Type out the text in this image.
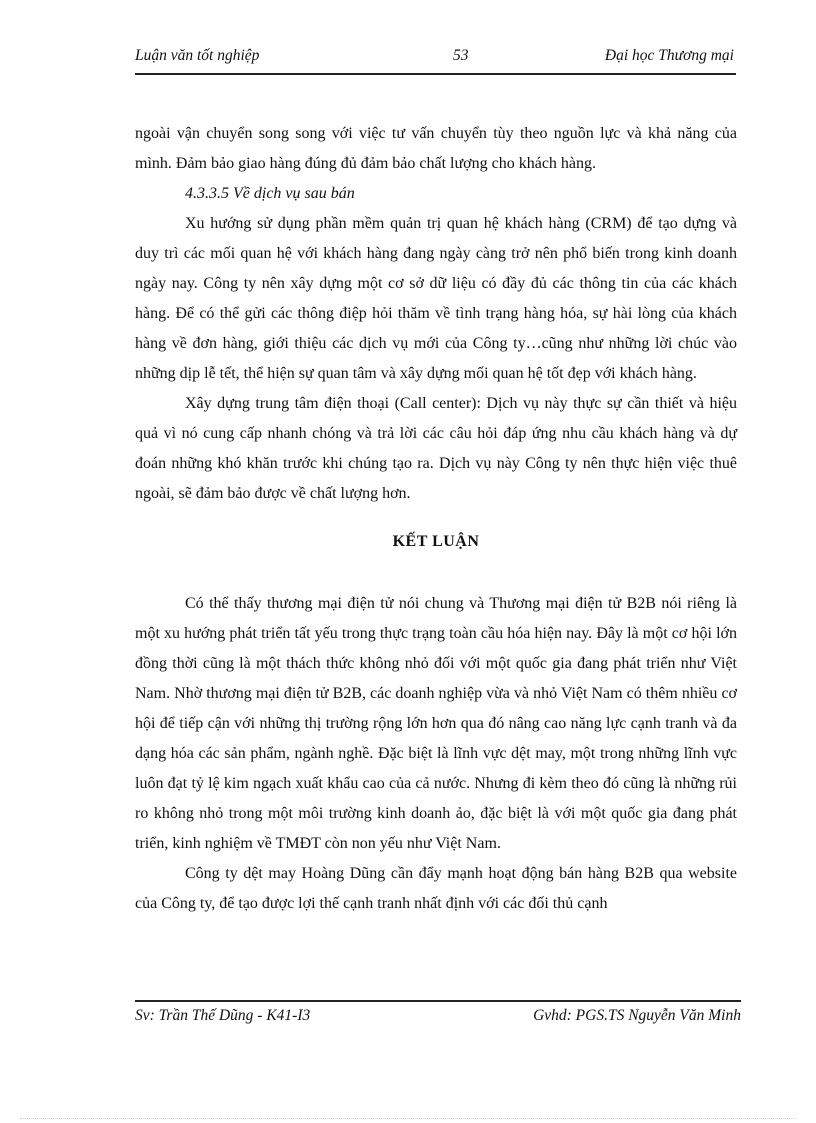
Luận văn tốt nghiệp	53	Đại học Thương mại

ngoài vận chuyển song song với việc tư vấn chuyển tùy theo nguồn lực và khả năng của mình. Đảm bảo giao hàng đúng đủ đảm bảo chất lượng cho khách hàng.

4.3.3.5 Về dịch vụ sau bán

Xu hướng sử dụng phần mềm quản trị quan hệ khách hàng (CRM) để tạo dựng và duy trì các mối quan hệ với khách hàng đang ngày càng trở nên phổ biến trong kinh doanh ngày nay. Công ty nên xây dựng một cơ sở dữ liệu có đầy đủ các thông tin của các khách hàng. Để có thể gửi các thông điệp hỏi thăm về tình trạng hàng hóa, sự hài lòng của khách hàng về đơn hàng, giới thiệu các dịch vụ mới của Công ty…cũng như những lời chúc vào những dịp lễ tết, thể hiện sự quan tâm và xây dựng mối quan hệ tốt đẹp với khách hàng.

Xây dựng trung tâm điện thoại (Call center): Dịch vụ này thực sự cần thiết và hiệu quả vì nó cung cấp nhanh chóng và trả lời các câu hỏi đáp ứng nhu cầu khách hàng và dự đoán những khó khăn trước khi chúng tạo ra. Dịch vụ này Công ty nên thực hiện việc thuê ngoài, sẽ đảm bảo được về chất lượng hơn.

KẾT LUẬN

Có thể thấy thương mại điện tử nói chung và Thương mại điện tử B2B nói riêng là một xu hướng phát triển tất yếu trong thực trạng toàn cầu hóa hiện nay. Đây là một cơ hội lớn đồng thời cũng là một thách thức không nhỏ đối với một quốc gia đang phát triển như Việt Nam. Nhờ thương mại điện tử B2B, các doanh nghiệp vừa và nhỏ Việt Nam có thêm nhiều cơ hội để tiếp cận với những thị trường rộng lớn hơn qua đó nâng cao năng lực cạnh tranh và đa dạng hóa các sản phẩm, ngành nghề. Đặc biệt là lĩnh vực dệt may, một trong những lĩnh vực luôn đạt tỷ lệ kim ngạch xuất khẩu cao của cả nước. Nhưng đi kèm theo đó cũng là những rủi ro không nhỏ trong một môi trường kinh doanh ảo, đặc biệt là với một quốc gia đang phát triển, kinh nghiệm về TMĐT còn non yếu như Việt Nam.

Công ty dệt may Hoàng Dũng cần đẩy mạnh hoạt động bán hàng B2B qua website của Công ty, để tạo được lợi thế cạnh tranh nhất định với các đối thủ cạnh

Sv: Trần Thế Dũng - K41-I3	Gvhd: PGS.TS Nguyễn Văn Minh
